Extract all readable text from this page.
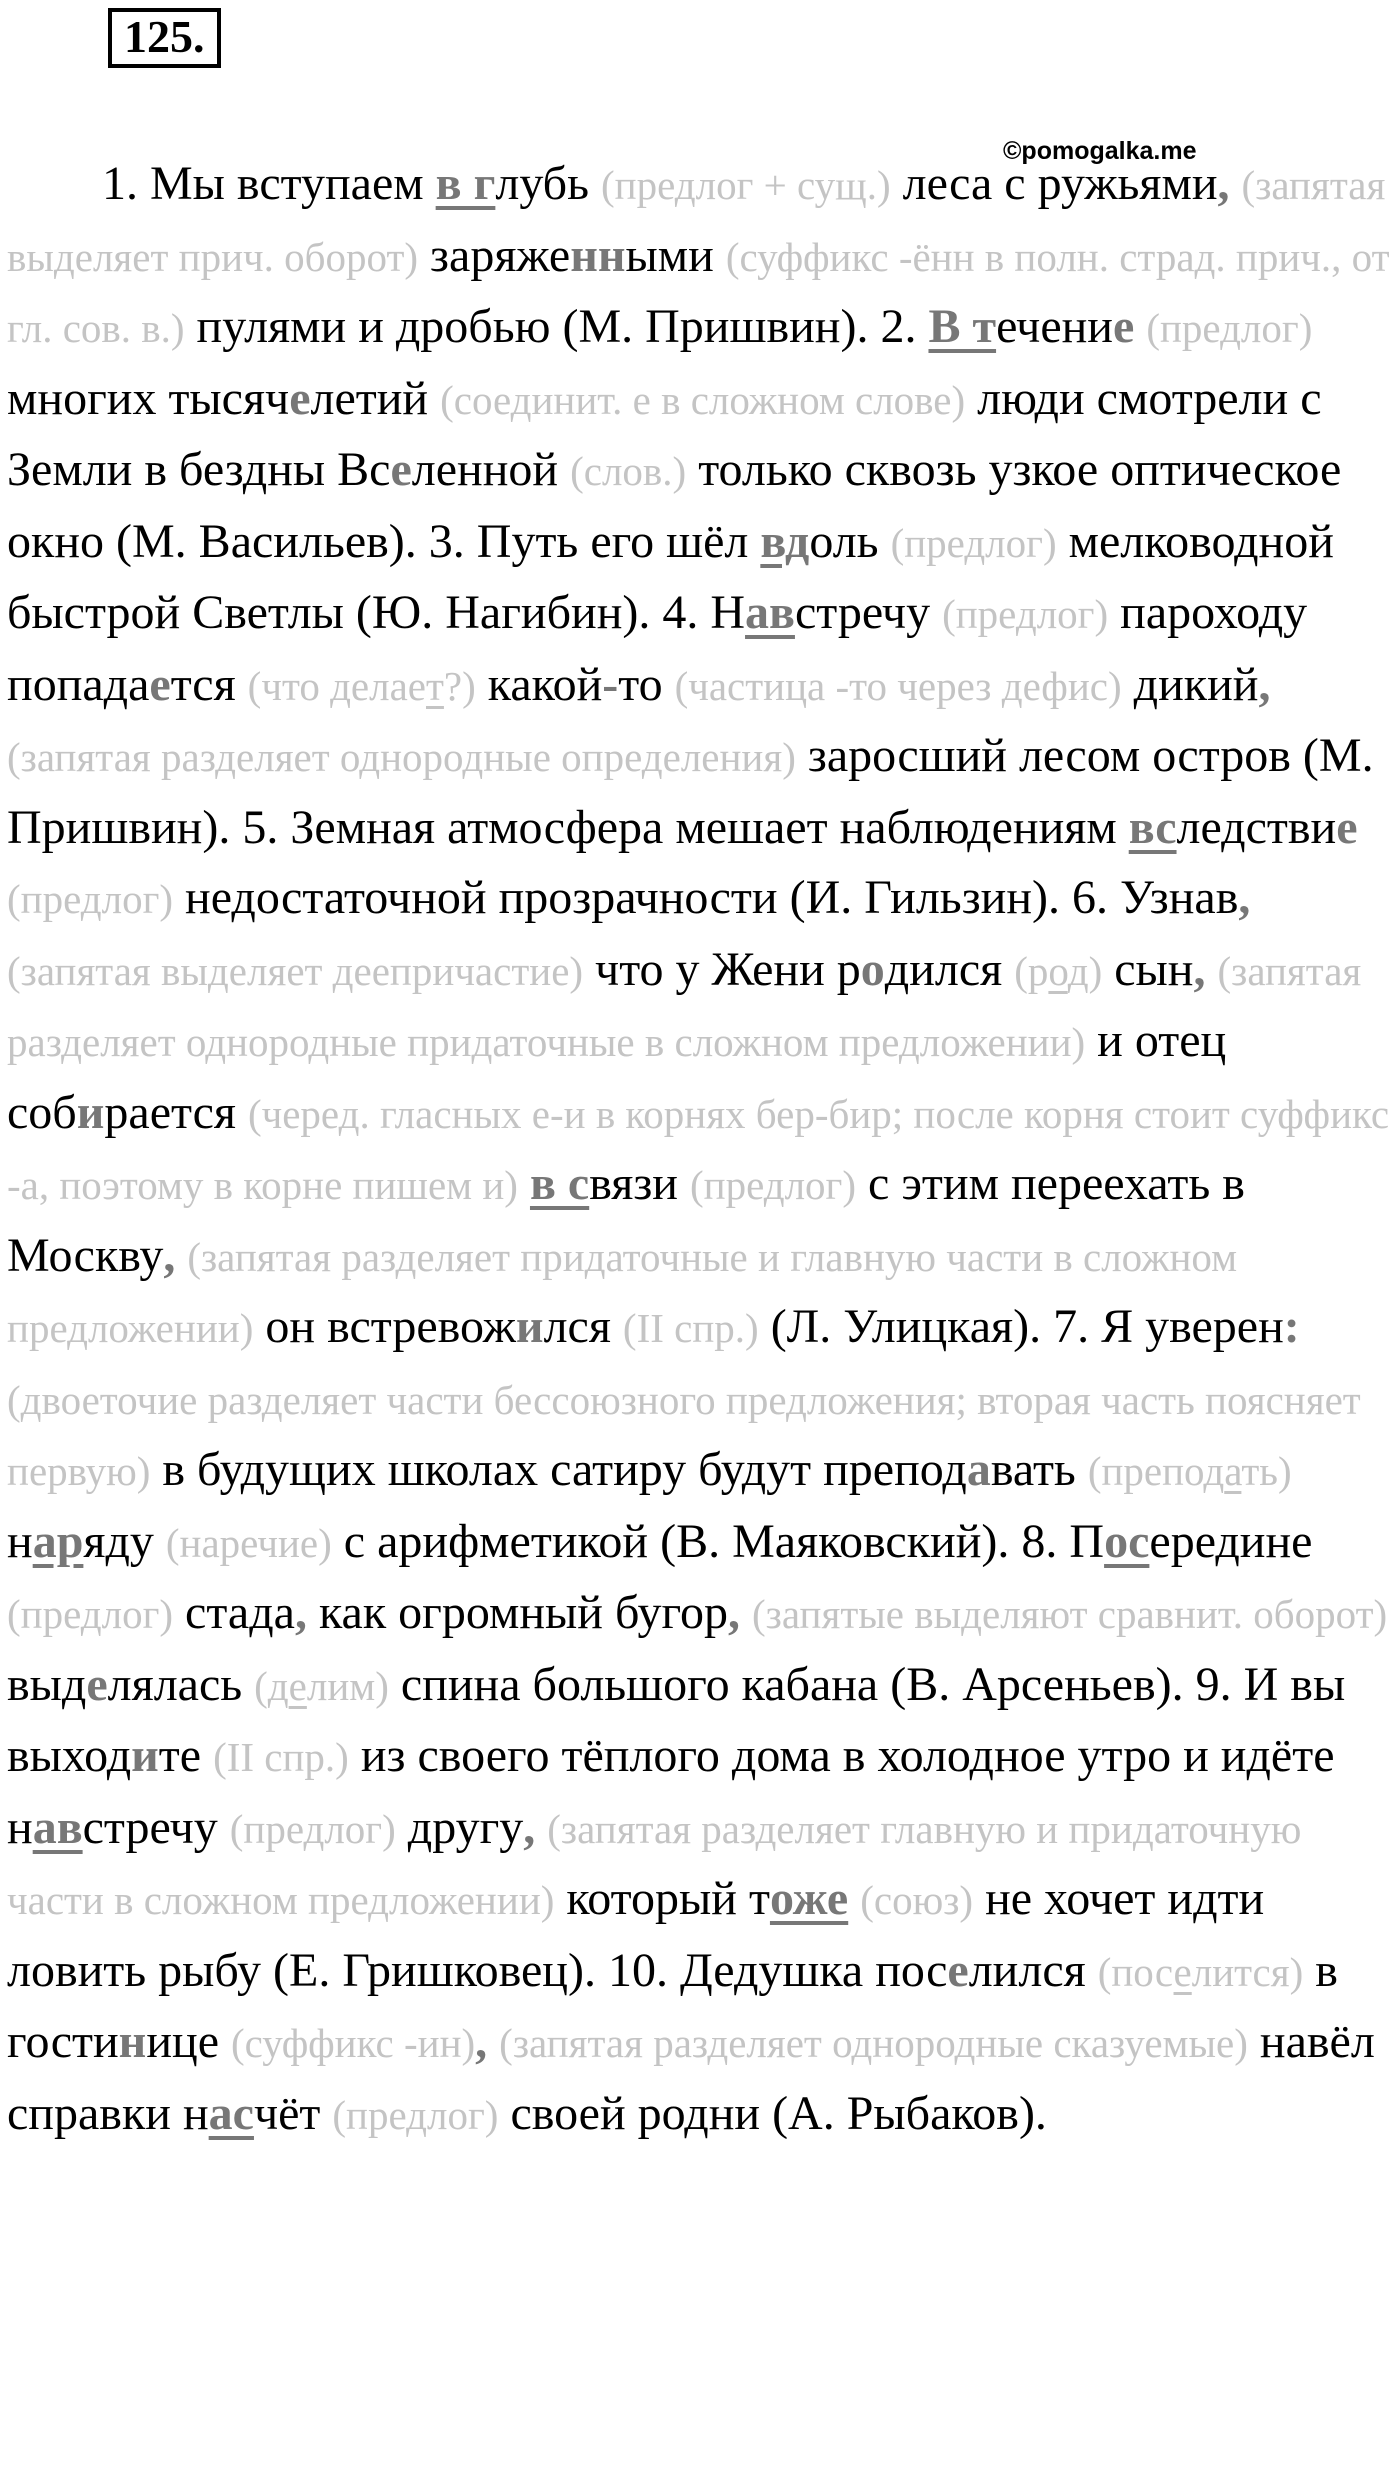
125.
©pomogalka.me

1. Мы вступаем в глубь (предлог + сущ.) леса с ружьями, (запятая выделяет прич. оборот) заряженными (суффикс -ённ в полн. страд. прич., от гл. сов. в.) пулями и дробью (М. Пришвин). 2. В течение (предлог) многих тысячелетий (соединит. е в сложном слове) люди смотрели с Земли в бездны Вселенной (слов.) только сквозь узкое оптическое окно (М. Васильев). 3. Путь его шёл вдоль (предлог) мелководной быстрой Светлы (Ю. Нагибин). 4. Навстречу (предлог) пароходу попадается (что делает?) какой-то (частица -то через дефис) дикий, (запятая разделяет однородные определения) заросший лесом остров (М. Пришвин). 5. Земная атмосфера мешает наблюдениям вследствие (предлог) недостаточной прозрачности (И. Гильзин). 6. Узнав, (запятая выделяет деепричастие) что у Жени родился (род) сын, (запятая разделяет однородные придаточные в сложном предложении) и отец собирается (черед. гласных е-и в корнях бер-бир; после корня стоит суффикс -а, поэтому в корне пишем и) в связи (предлог) с этим переехать в Москву, (запятая разделяет придаточные и главную части в сложном предложении) он встревожился (II спр.) (Л. Улицкая). 7. Я уверен: (двоеточие разделяет части бессоюзного предложения; вторая часть поясняет первую) в будущих школах сатиру будут преподавать (преподать) наряду (наречие) с арифметикой (В. Маяковский). 8. Посередине (предлог) стада, как огромный бугор, (запятые выделяют сравнит. оборот) выделялась (делим) спина большого кабана (В. Арсеньев). 9. И вы выходите (II спр.) из своего тёплого дома в холодное утро и идёте навстречу (предлог) другу, (запятая разделяет главную и придаточную части в сложном предложении) который тоже (союз) не хочет идти ловить рыбу (Е. Гришковец). 10. Дедушка поселился (поселится) в гостинице (суффикс -ин), (запятая разделяет однородные сказуемые) навёл справки насчёт (предлог) своей родни (А. Рыбаков).
